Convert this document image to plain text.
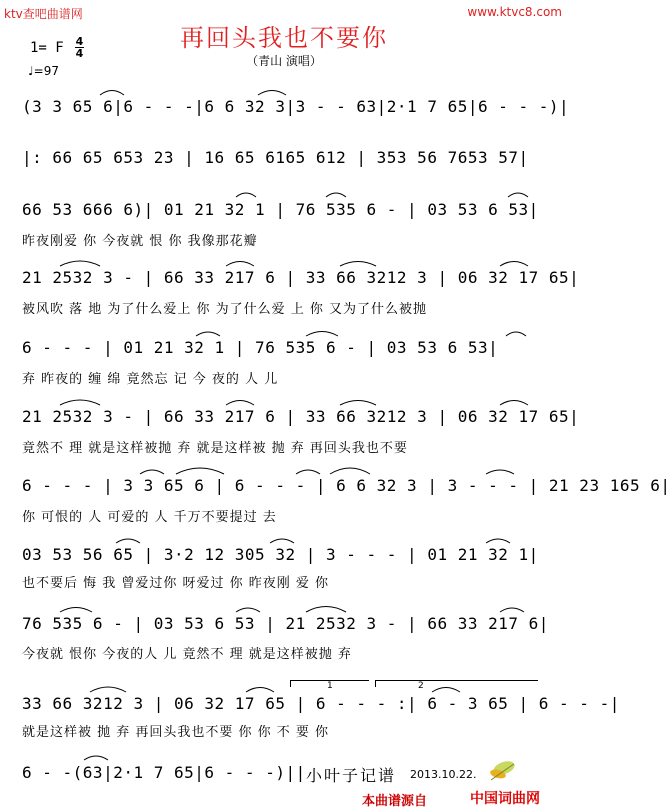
ktv查吧曲谱网	www.ktvc8.com
再回头我也不要你
（青山 演唱）
1= F 4
4
♩=97
(3 3 65 6|6 - - -|6 6 32 3|3 - - 63|2·1 7 65|6 - - -)|
|: 66 65 653 23 | 16 65 6165 612 | 353 56 7653 57|
66 53 666 6)| 01 21 32 1 | 76 535 6 - | 03 53 6 53|
昨夜刚爱 你 今夜就 恨 你 我像那花瓣
21 2532 3 - | 66 33 217 6 | 33 66 3212 3 | 06 32 17 65|
被风吹 落 地 为了什么爱上 你 为了什么爱 上 你 又为了什么被抛
6 - - - | 01 21 32 1 | 76 535 6 - | 03 53 6 53|
弃 昨夜的 缠 绵 竟然忘 记 今 夜的 人 儿
21 2532 3 - | 66 33 217 6 | 33 66 3212 3 | 06 32 17 65|
竟然不 理 就是这样被抛 弃 就是这样被 抛 弃 再回头我也不要
6 - - - | 3 3 65 6 | 6 - - - | 6 6 32 3 | 3 - - - | 21 23 165 6|
你 可恨的 人 可爱的 人 千万不要提过 去
03 53 56 65 | 3·2 12 305 32 | 3 - - - | 01 21 32 1|
也不要后 悔 我 曾爱过你 呀爱过 你 昨夜刚 爱 你
76 535 6 - | 03 53 6 53 | 21 2532 3 - | 66 33 217 6|
今夜就 恨你 今夜的人 儿 竟然不 理 就是这样被抛 弃
1	2
33 66 3212 3 | 06 32 17 65 | 6 - - - :| 6 - 3 65 | 6 - - -|
就是这样被 抛 弃 再回头我也不要 你 你 不 要 你
6 - -(63|2·1 7 65|6 - - -)|| 小叶子记谱 2013.10.22.
本曲谱源自	中国词曲网
